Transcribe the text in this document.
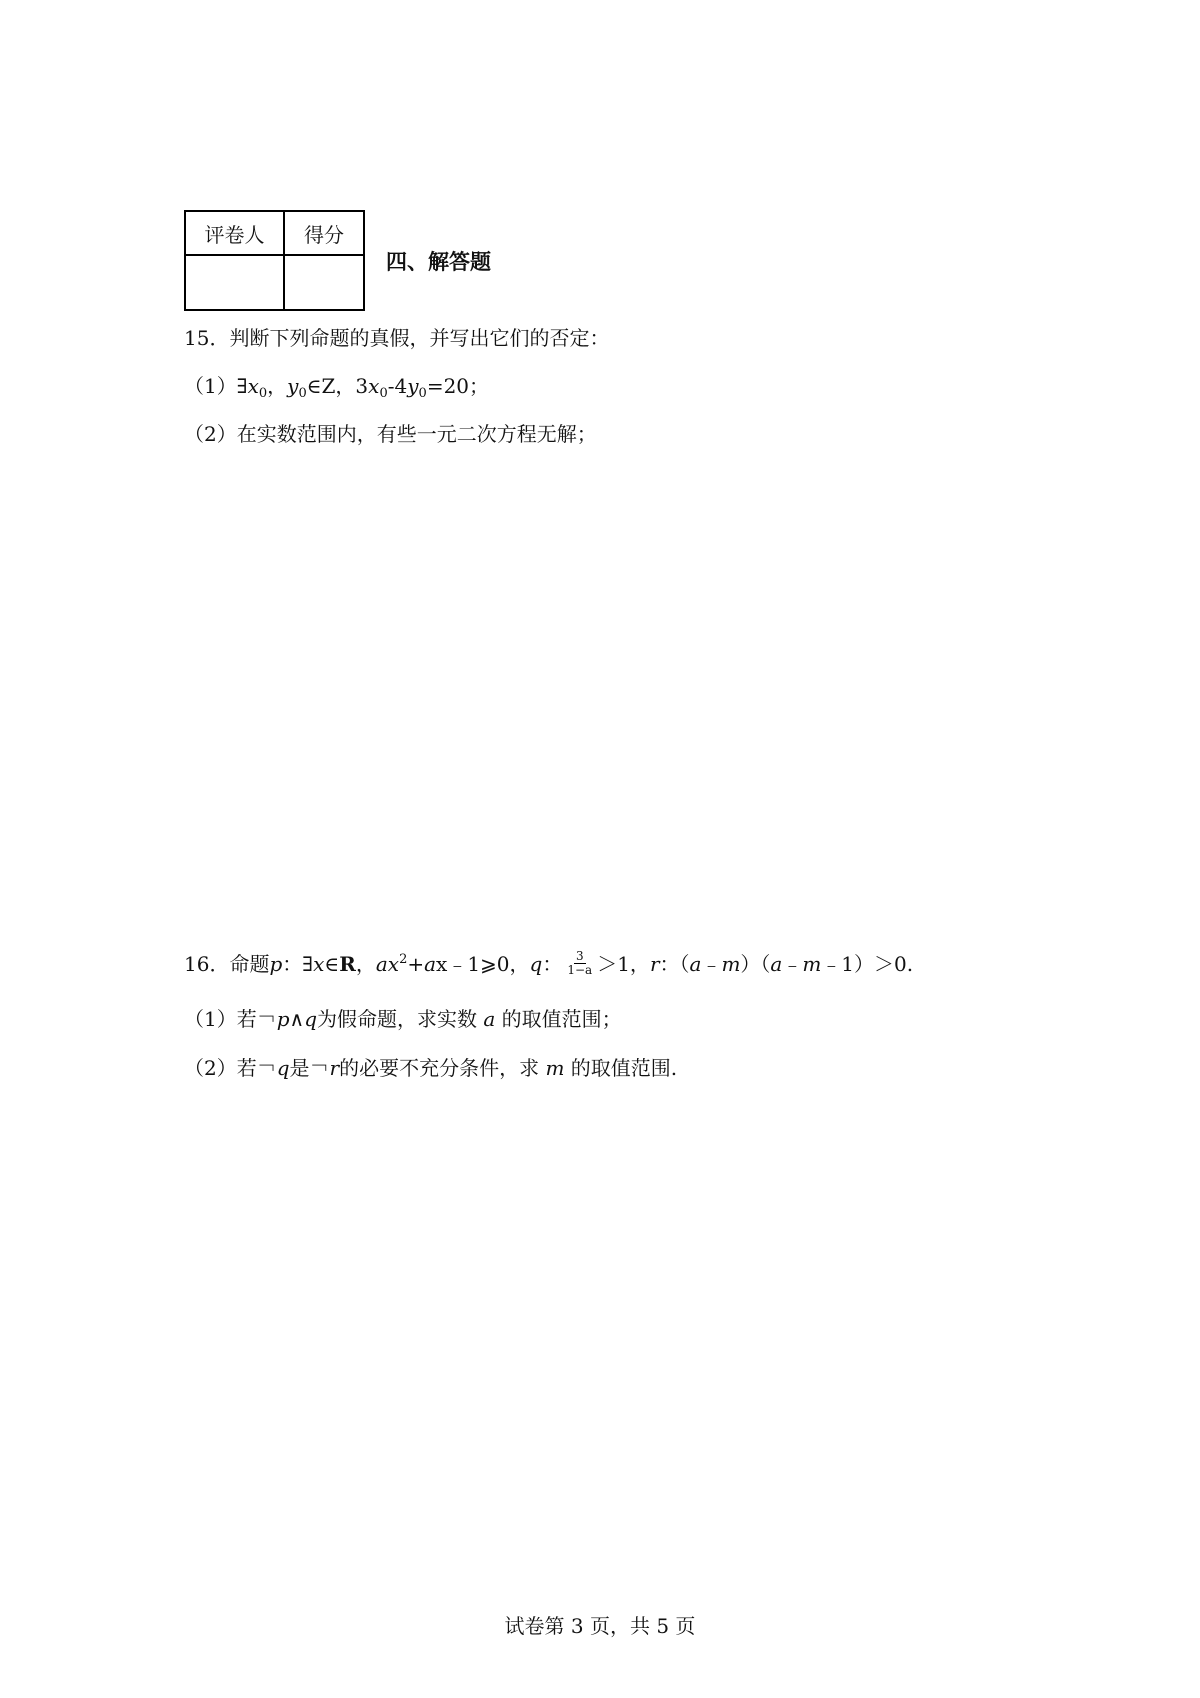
评卷人	得分

四、解答题
15．判断下列命题的真假，并写出它们的否定：
$(1)\exists x_0$，$y_0\in Z$，$3x_0-4y_0=20$；
（2）在实数范围内，有些一元二次方程无解；
16．命题p：∃x∈R，$ax^2+ax﹣1⩾0$，q： $\frac{3}{1-a} >1$，r：（a﹣m）（a﹣m﹣1）＞0.
（1）若￢p∧q为假命题，求实数 a 的取值范围；
（2）若￢q是￢r的必要不充分条件，求 m 的取值范围.
试卷第 3 页，共 5 页
